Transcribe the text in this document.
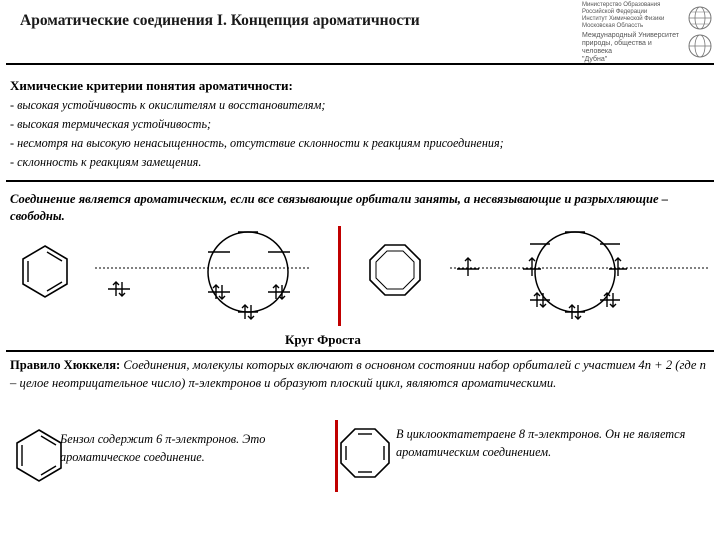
Ароматические соединения I. Концепция ароматичности
Министерство Образования Российской Федерации
Институт Химической Физики
Московская Облассть
Международный Университет
природы, общества и человека
"Дубна"
Химические критерии понятия ароматичности:
- высокая устойчивость к окислителям и восстановителям;
- высокая термическая устойчивость;
- несмотря на высокую ненасыщенность, отсутствие склонности к реакциям присоединения;
- склонность к реакциям замещения.
Соединение является ароматическим, если все связывающие орбитали заняты, а несвязывающие и разрыхляющие – свободны.
Круг Фроста
Правило Хюккеля: Соединения, молекулы которых включают в основном состоянии набор орбиталей с участием 4n + 2 (где n – целое неотрицательное число) π-электронов и образуют плоский цикл, являются ароматическими.
Бензол содержит 6 π-электронов. Это ароматическое соединение.
В циклооктатетраене 8 π-электронов. Он не является ароматическим соединением.
